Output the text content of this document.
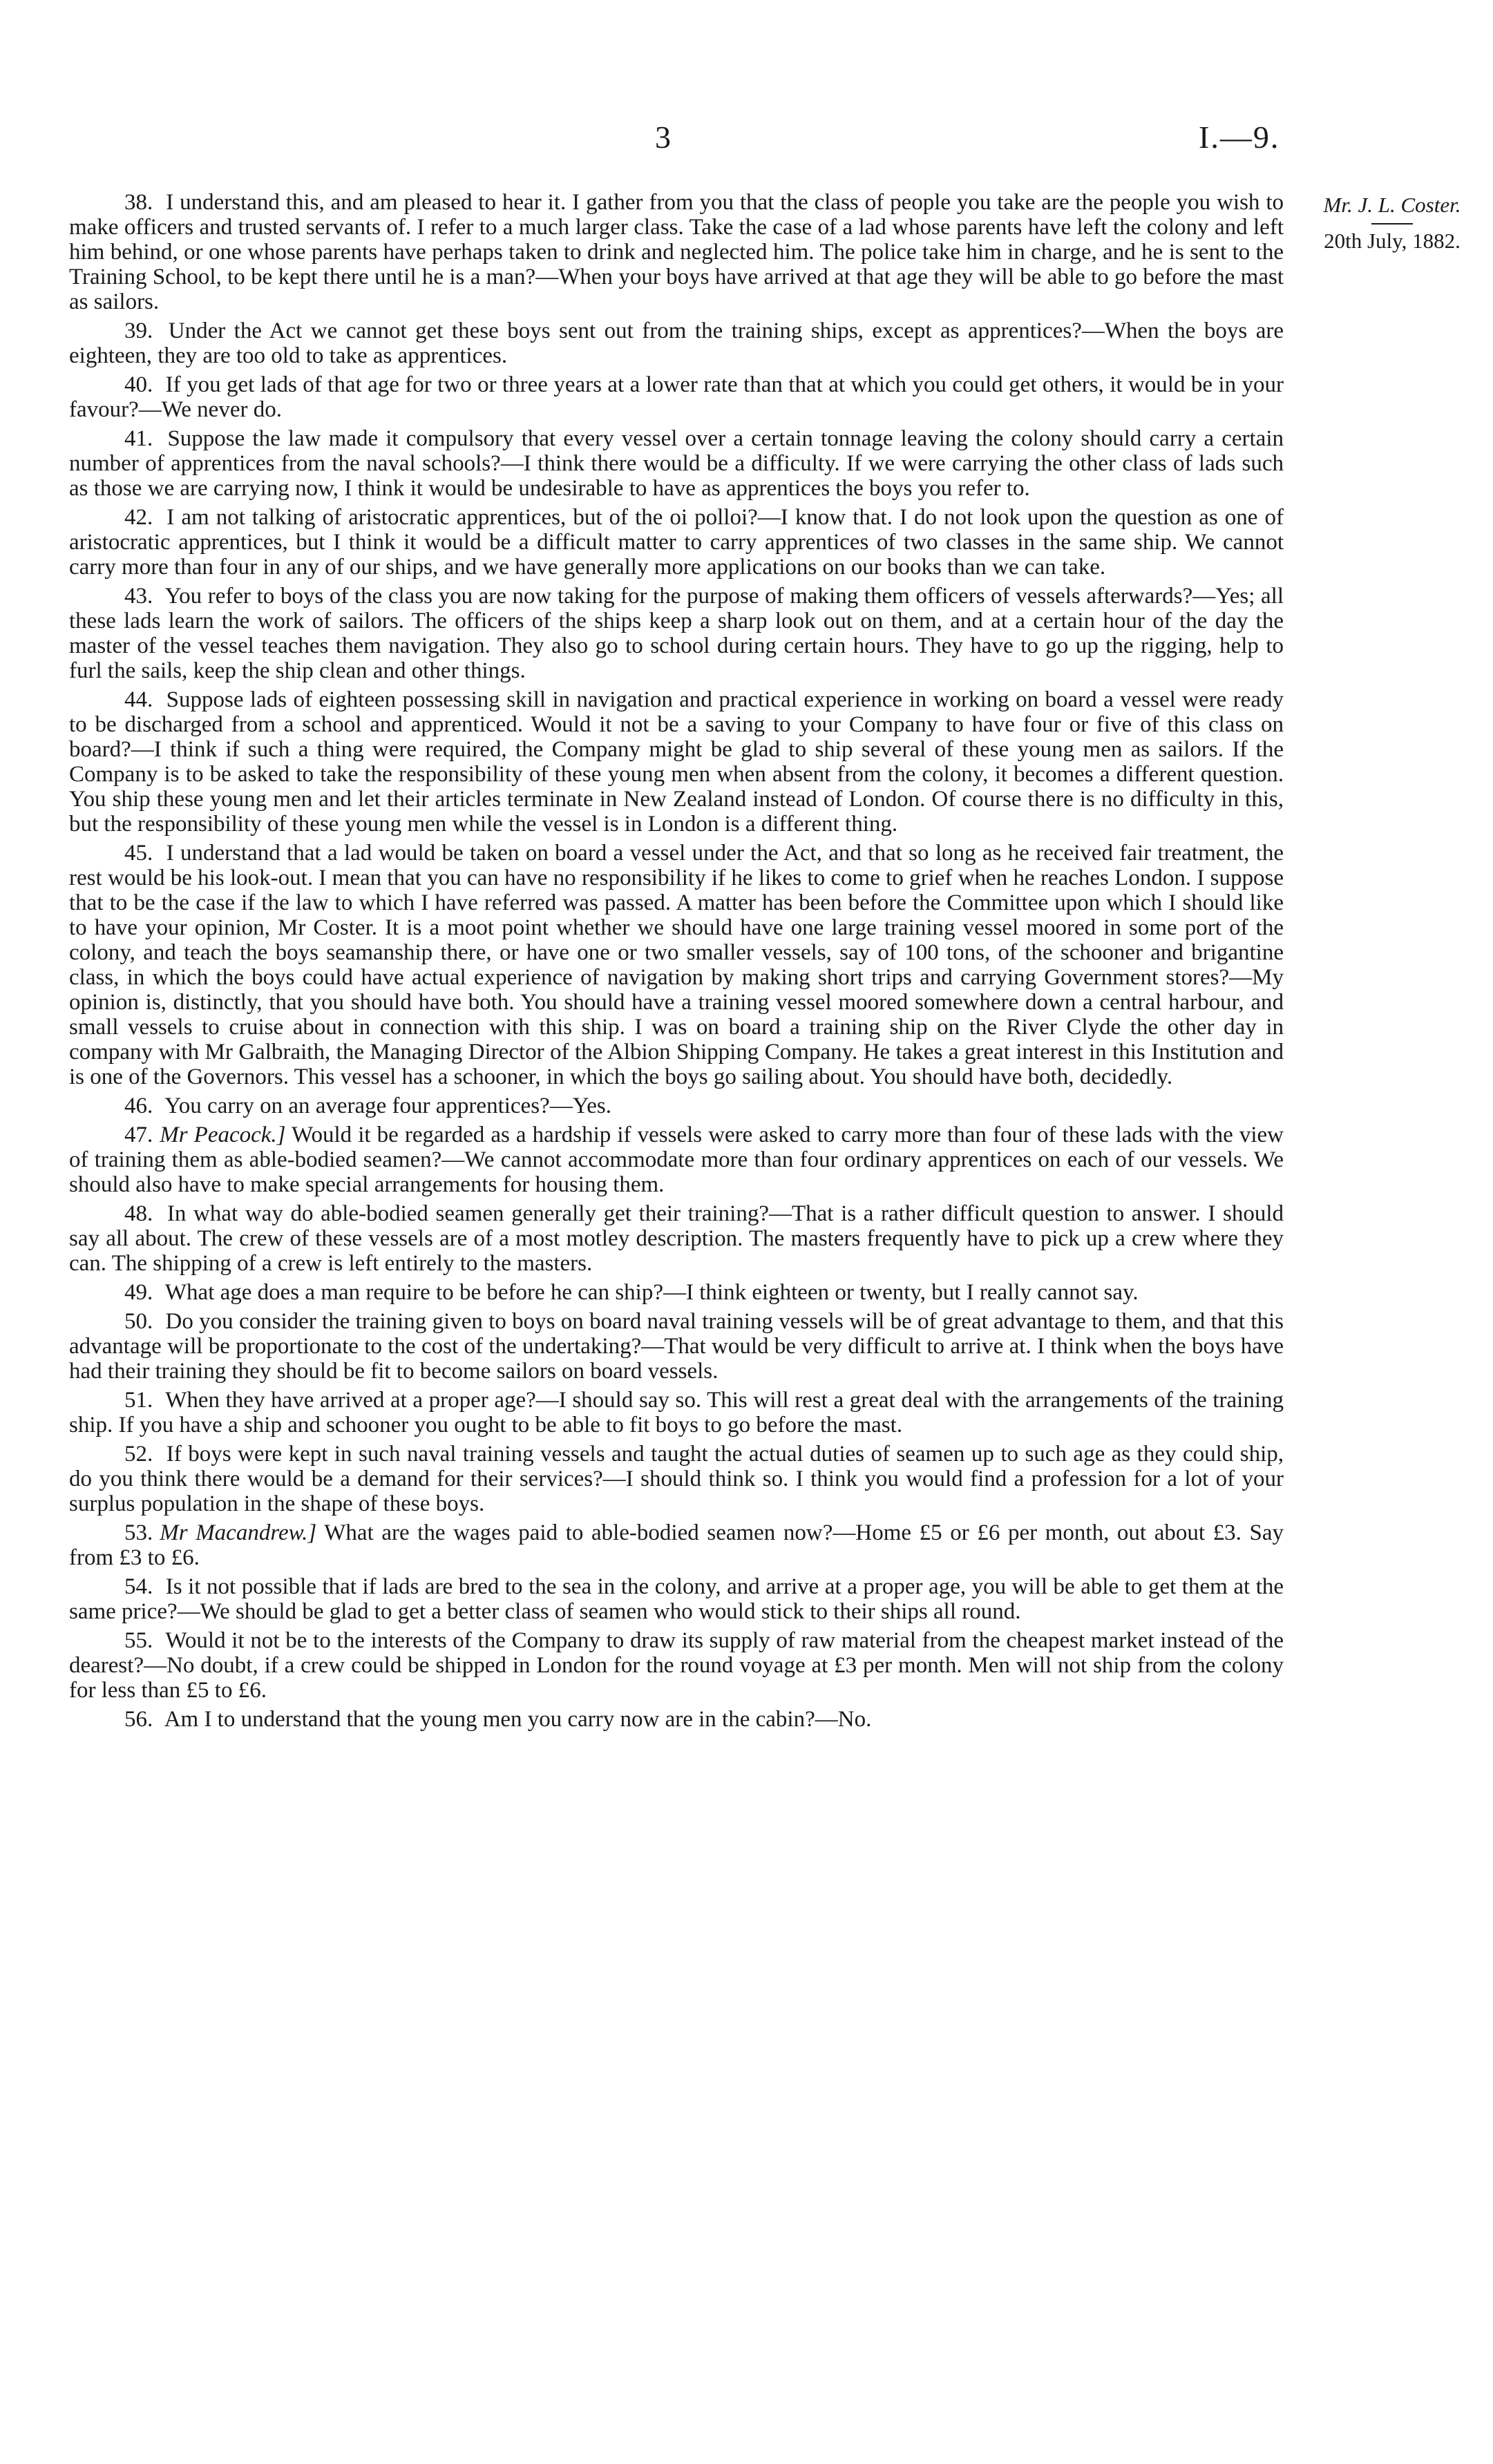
3	I.—9.
Mr. J. L. Coster.
20th July, 1882.

38. I understand this, and am pleased to hear it. I gather from you that the class of people you take are the people you wish to make officers and trusted servants of. I refer to a much larger class. Take the case of a lad whose parents have left the colony and left him behind, or one whose parents have perhaps taken to drink and neglected him. The police take him in charge, and he is sent to the Training School, to be kept there until he is a man?—When your boys have arrived at that age they will be able to go before the mast as sailors.

39. Under the Act we cannot get these boys sent out from the training ships, except as apprentices?—When the boys are eighteen, they are too old to take as apprentices.

40. If you get lads of that age for two or three years at a lower rate than that at which you could get others, it would be in your favour?—We never do.

41. Suppose the law made it compulsory that every vessel over a certain tonnage leaving the colony should carry a certain number of apprentices from the naval schools?—I think there would be a difficulty. If we were carrying the other class of lads such as those we are carrying now, I think it would be undesirable to have as apprentices the boys you refer to.

42. I am not talking of aristocratic apprentices, but of the oi polloi?—I know that. I do not look upon the question as one of aristocratic apprentices, but I think it would be a difficult matter to carry apprentices of two classes in the same ship. We cannot carry more than four in any of our ships, and we have generally more applications on our books than we can take.

43. You refer to boys of the class you are now taking for the purpose of making them officers of vessels afterwards?—Yes; all these lads learn the work of sailors. The officers of the ships keep a sharp look out on them, and at a certain hour of the day the master of the vessel teaches them navigation. They also go to school during certain hours. They have to go up the rigging, help to furl the sails, keep the ship clean and other things.

44. Suppose lads of eighteen possessing skill in navigation and practical experience in working on board a vessel were ready to be discharged from a school and apprenticed. Would it not be a saving to your Company to have four or five of this class on board?—I think if such a thing were required, the Company might be glad to ship several of these young men as sailors. If the Company is to be asked to take the responsibility of these young men when absent from the colony, it becomes a different question. You ship these young men and let their articles terminate in New Zealand instead of London. Of course there is no difficulty in this, but the responsibility of these young men while the vessel is in London is a different thing.

45. I understand that a lad would be taken on board a vessel under the Act, and that so long as he received fair treatment, the rest would be his look-out. I mean that you can have no responsibility if he likes to come to grief when he reaches London. I suppose that to be the case if the law to which I have referred was passed. A matter has been before the Committee upon which I should like to have your opinion, Mr Coster. It is a moot point whether we should have one large training vessel moored in some port of the colony, and teach the boys seamanship there, or have one or two smaller vessels, say of 100 tons, of the schooner and brigantine class, in which the boys could have actual experience of navigation by making short trips and carrying Government stores?—My opinion is, distinctly, that you should have both. You should have a training vessel moored somewhere down a central harbour, and small vessels to cruise about in connection with this ship. I was on board a training ship on the River Clyde the other day in company with Mr Galbraith, the Managing Director of the Albion Shipping Company. He takes a great interest in this Institution and is one of the Governors. This vessel has a schooner, in which the boys go sailing about. You should have both, decidedly.

46. You carry on an average four apprentices?—Yes.

47. Mr Peacock.] Would it be regarded as a hardship if vessels were asked to carry more than four of these lads with the view of training them as able-bodied seamen?—We cannot accommodate more than four ordinary apprentices on each of our vessels. We should also have to make special arrangements for housing them.

48. In what way do able-bodied seamen generally get their training?—That is a rather difficult question to answer. I should say all about. The crew of these vessels are of a most motley description. The masters frequently have to pick up a crew where they can. The shipping of a crew is left entirely to the masters.

49. What age does a man require to be before he can ship?—I think eighteen or twenty, but I really cannot say.

50. Do you consider the training given to boys on board naval training vessels will be of great advantage to them, and that this advantage will be proportionate to the cost of the undertaking?—That would be very difficult to arrive at. I think when the boys have had their training they should be fit to become sailors on board vessels.

51. When they have arrived at a proper age?—I should say so. This will rest a great deal with the arrangements of the training ship. If you have a ship and schooner you ought to be able to fit boys to go before the mast.

52. If boys were kept in such naval training vessels and taught the actual duties of seamen up to such age as they could ship, do you think there would be a demand for their services?—I should think so. I think you would find a profession for a lot of your surplus population in the shape of these boys.

53. Mr Macandrew.] What are the wages paid to able-bodied seamen now?—Home £5 or £6 per month, out about £3. Say from £3 to £6.

54. Is it not possible that if lads are bred to the sea in the colony, and arrive at a proper age, you will be able to get them at the same price?—We should be glad to get a better class of seamen who would stick to their ships all round.

55. Would it not be to the interests of the Company to draw its supply of raw material from the cheapest market instead of the dearest?—No doubt, if a crew could be shipped in London for the round voyage at £3 per month. Men will not ship from the colony for less than £5 to £6.

56. Am I to understand that the young men you carry now are in the cabin?—No.
